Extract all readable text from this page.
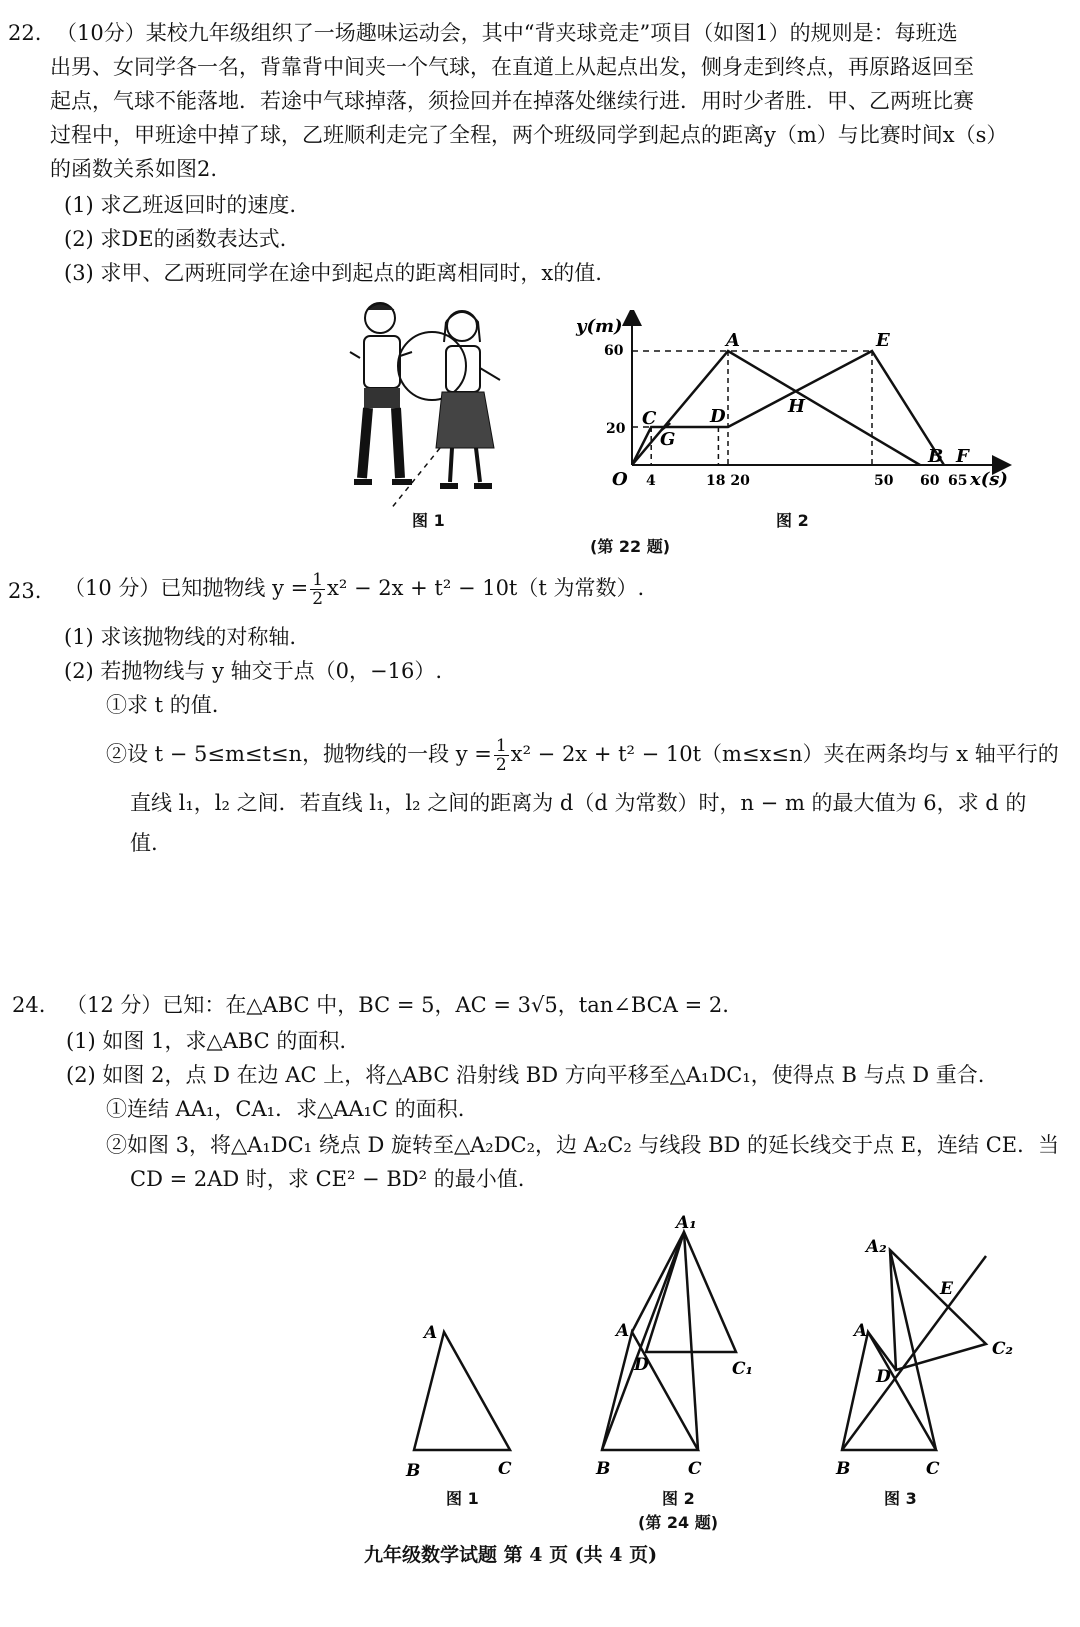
22. （10分）某校九年级组织了一场趣味运动会，其中“背夹球竞走”项目（如图1）的规则是：每班选
出男、女同学各一名，背靠背中间夹一个气球，在直道上从起点出发，侧身走到终点，再原路返回至
起点，气球不能落地．若途中气球掉落，须捡回并在掉落处继续行进．用时少者胜．甲、乙两班比赛
过程中，甲班途中掉了球，乙班顺利走完了全程，两个班级同学到起点的距离y（m）与比赛时间x（s）
的函数关系如图2.
(1) 求乙班返回时的速度.
(2) 求DE的函数表达式.
(3) 求甲、乙两班同学在途中到起点的距离相同时，x的值.
图 1
y(m)
x(s)
O
60
20
4	18 20	50 60 65
A	E
C
G
D	H
B F
图 2
(第 22 题)
23. （10 分）已知抛物线 $y = \frac{1}{2} x^2 - 2x + t^2 - 10t(t$ 为常数）.
(1) 求该抛物线的对称轴.
(2) 若抛物线与 y 轴交于点（0，−16）.
①求 t 的值.
②设 t − 5≤m≤t≤n，抛物线的一段 $y = \frac{1}{2} x^2 - 2x + t^2 - 10t(m\le x\le n)$夹在两条均与 x 轴平行的
直线 l₁，l₂ 之间．若直线 l₁，l₂ 之间的距离为 d（d 为常数）时，n − m 的最大值为 6，求 d 的
值.
24. （12 分）已知：在△ABC 中，BC = 5，AC = 3√5，tan∠BCA = 2.
(1) 如图 1，求△ABC 的面积.
(2) 如图 2，点 D 在边 AC 上，将△ABC 沿射线 BD 方向平移至△A₁DC₁，使得点 B 与点 D 重合.
①连结 AA₁，CA₁．求△AA₁C 的面积.
②如图 3，将△A₁DC₁ 绕点 D 旋转至△A₂DC₂，边 A₂C₂ 与线段 BD 的延长线交于点 E，连结 CE．当
CD = 2AD 时，求 CE² − BD² 的最小值.
A
B	C
A
A₁
D	C₁
B	C
A₂
E
C₂
A
D
B	C
图 1	图 2	图 3
(第 24 题)
九年级数学试题 第 4 页 (共 4 页)
